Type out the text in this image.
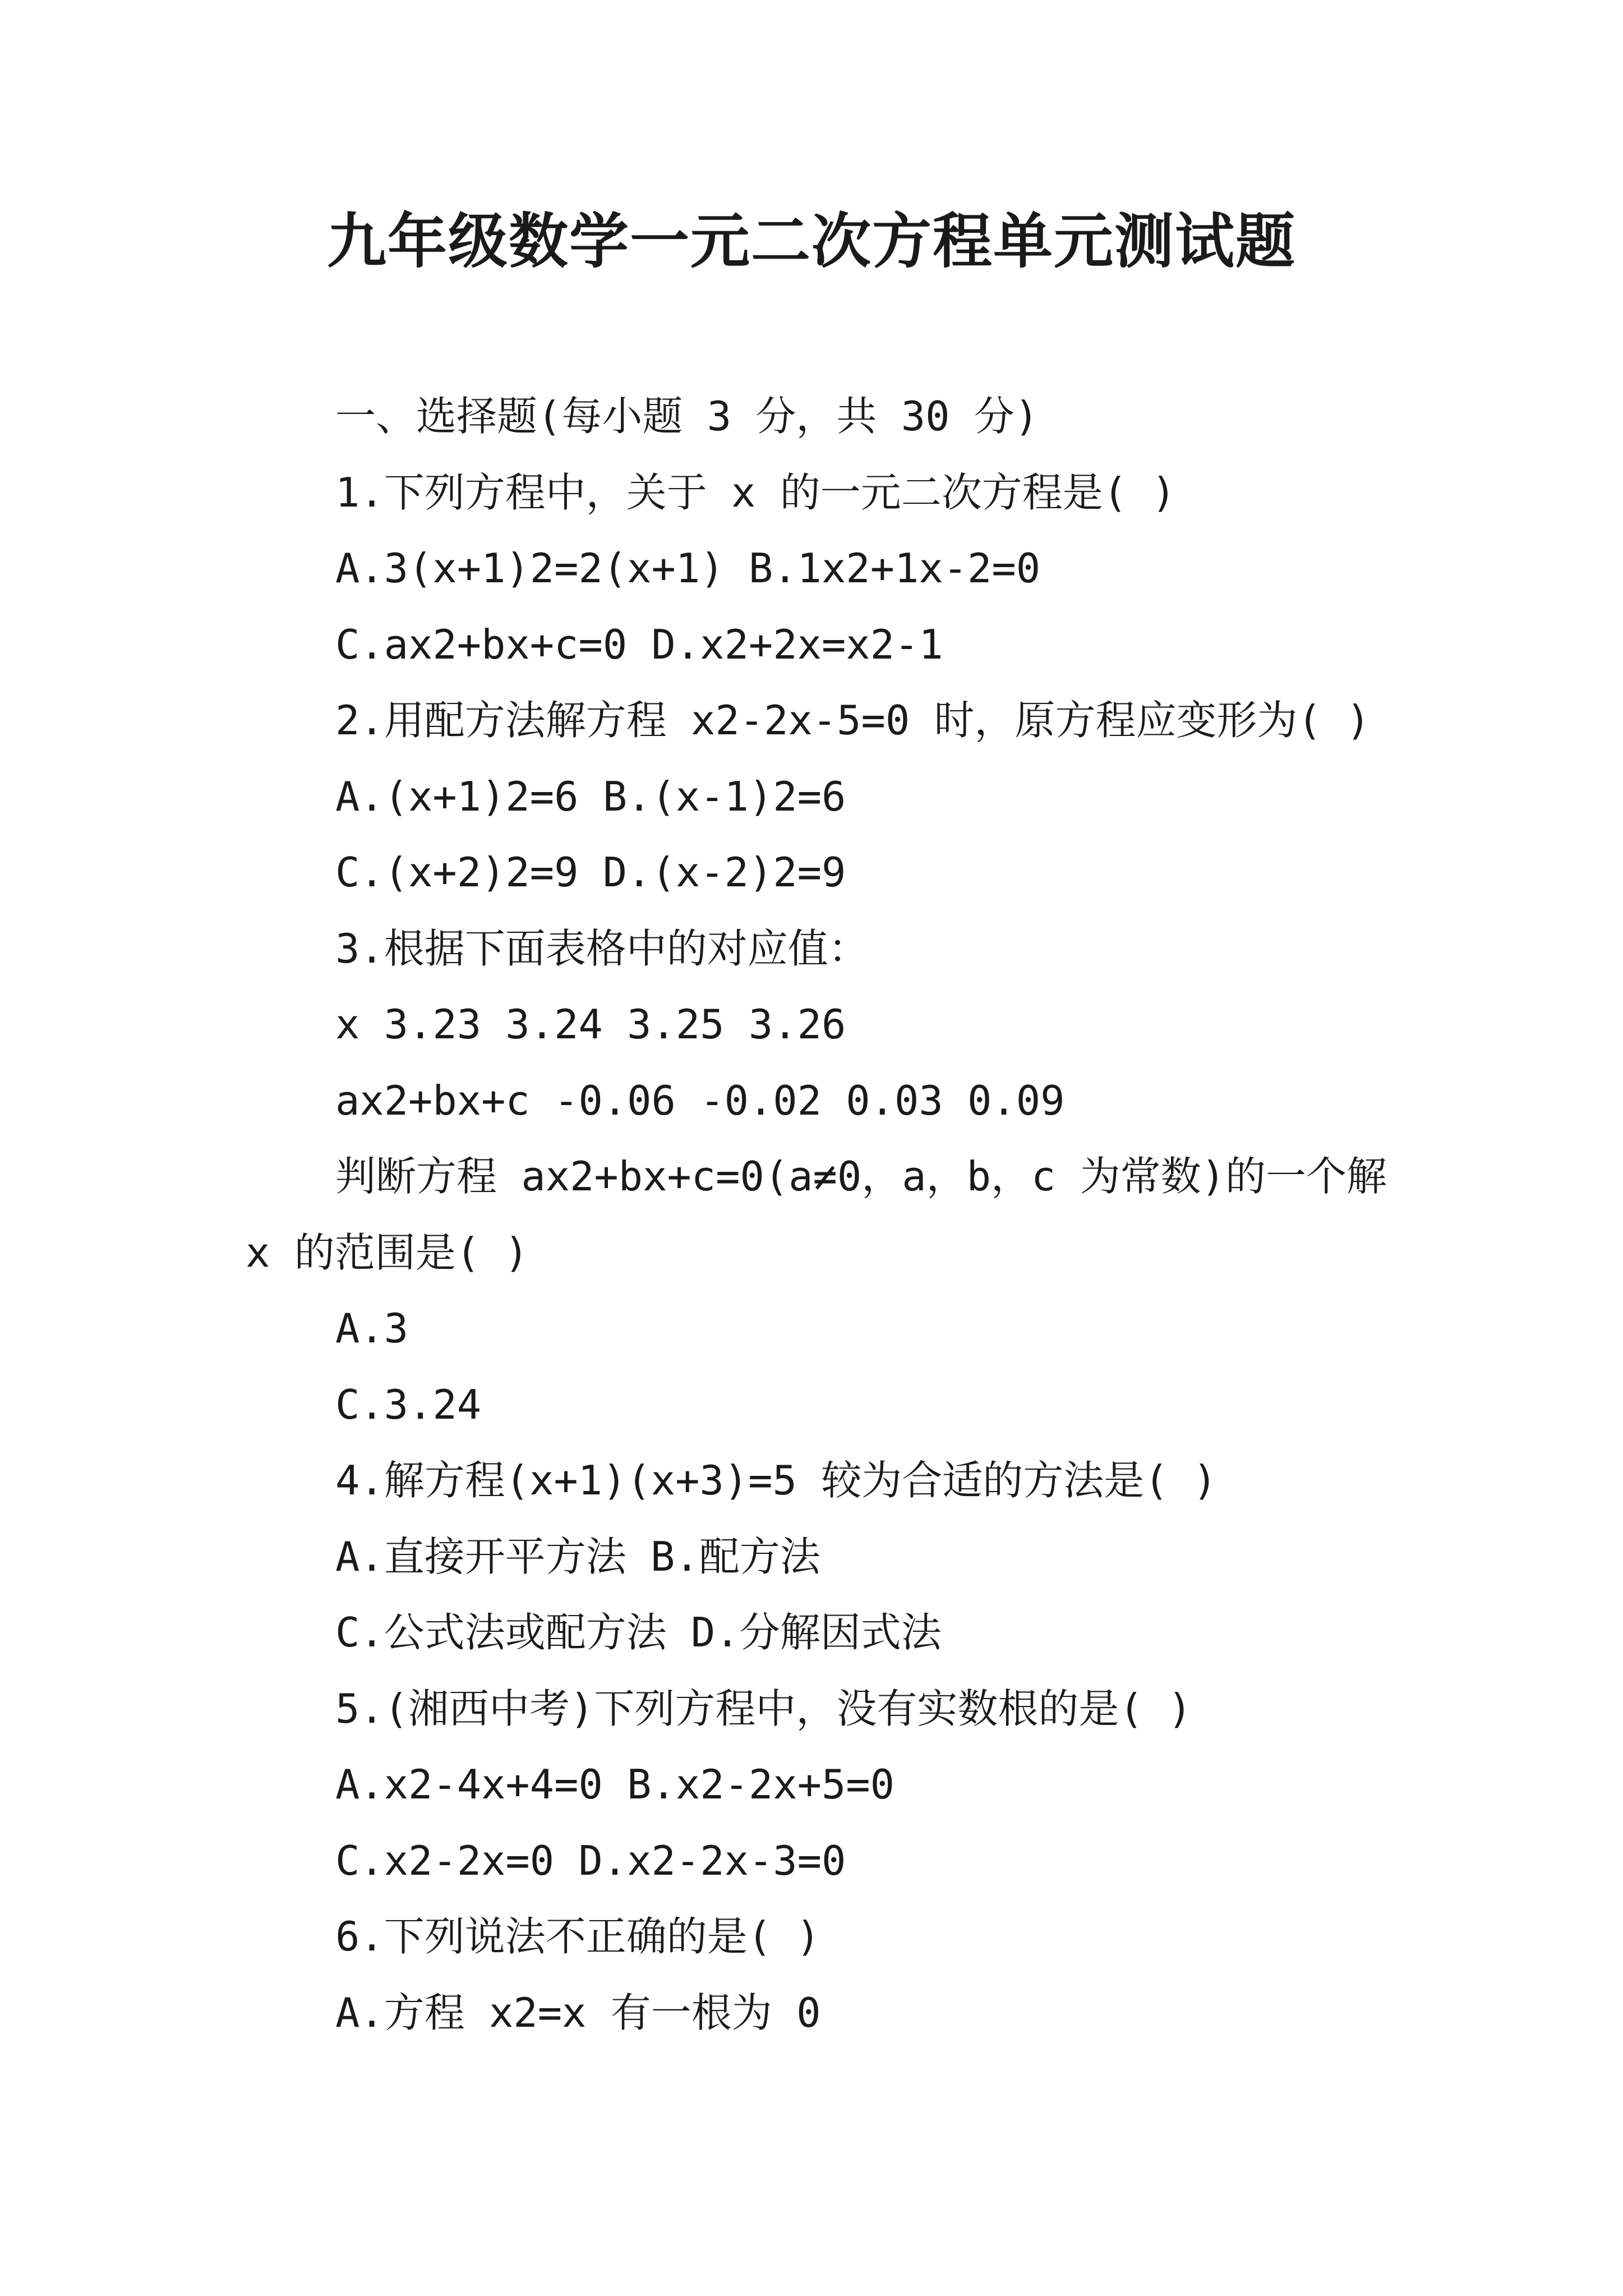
九年级数学一元二次方程单元测试题
一、选择题(每小题 3 分，共 30 分)
1.下列方程中，关于 x 的一元二次方程是( )
A.3(x+1)2=2(x+1) B.1x2+1x-2=0
C.ax2+bx+c=0 D.x2+2x=x2-1
2.用配方法解方程 x2-2x-5=0 时，原方程应变形为( )
A.(x+1)2=6 B.(x-1)2=6
C.(x+2)2=9 D.(x-2)2=9
3.根据下面表格中的对应值：
x 3.23 3.24 3.25 3.26
ax2+bx+c -0.06 -0.02 0.03 0.09
判断方程 ax2+bx+c=0(a≠0，a，b，c 为常数)的一个解
x 的范围是( )
A.3
C.3.24
4.解方程(x+1)(x+3)=5 较为合适的方法是( )
A.直接开平方法 B.配方法
C.公式法或配方法 D.分解因式法
5.(湘西中考)下列方程中，没有实数根的是( )
A.x2-4x+4=0 B.x2-2x+5=0
C.x2-2x=0 D.x2-2x-3=0
6.下列说法不正确的是( )
A.方程 x2=x 有一根为 0
